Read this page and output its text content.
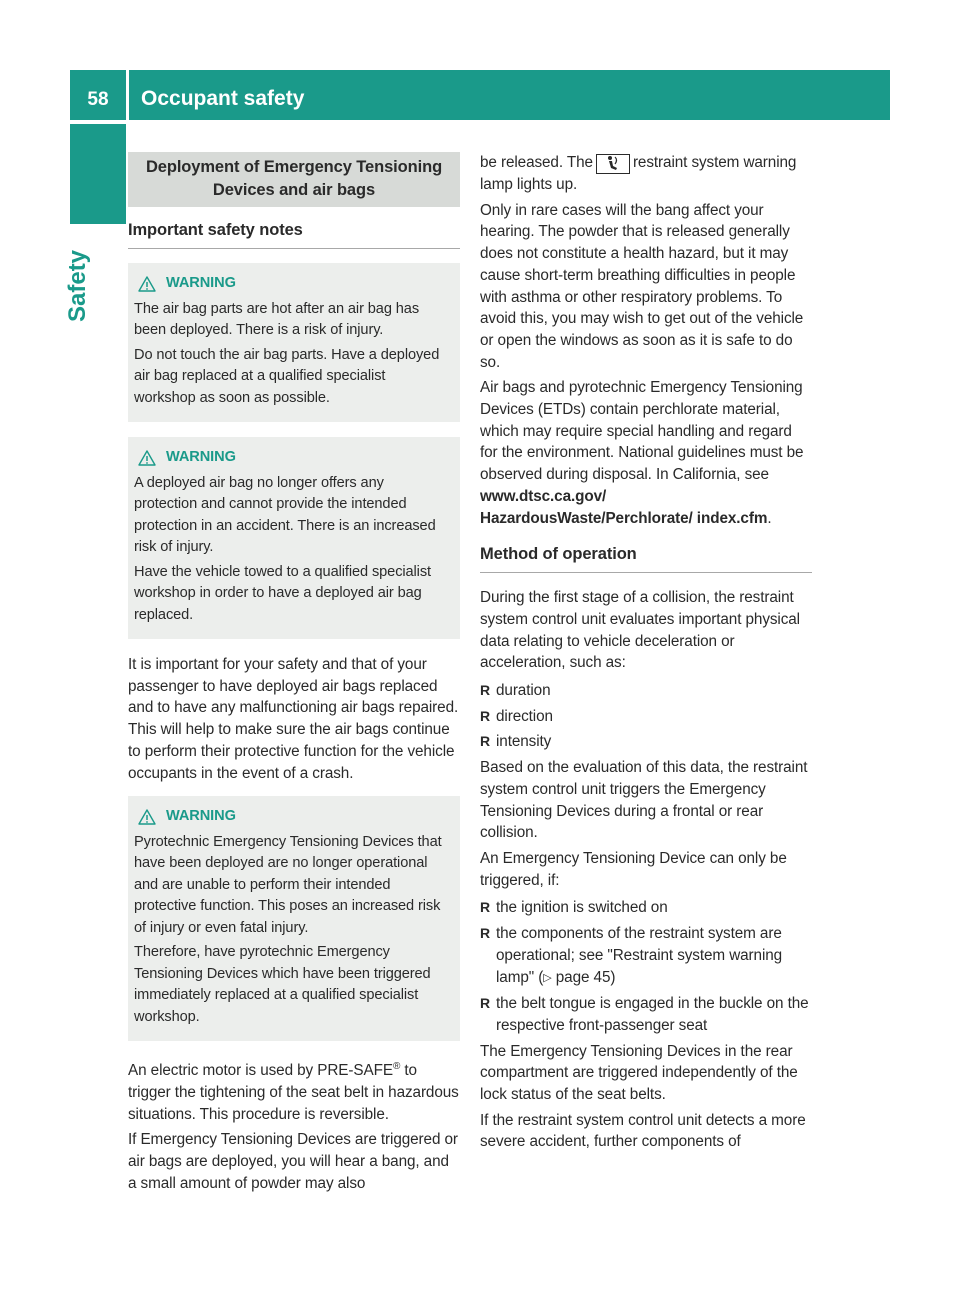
58	Occupant safety
Safety
Deployment of Emergency Tensioning Devices and air bags
Important safety notes
WARNING

The air bag parts are hot after an air bag has been deployed. There is a risk of injury.

Do not touch the air bag parts. Have a deployed air bag replaced at a qualified specialist workshop as soon as possible.

WARNING

A deployed air bag no longer offers any protection and cannot provide the intended protection in an accident. There is an increased risk of injury.

Have the vehicle towed to a qualified specialist workshop in order to have a deployed air bag replaced.

It is important for your safety and that of your passenger to have deployed air bags replaced and to have any malfunctioning air bags repaired. This will help to make sure the air bags continue to perform their protective function for the vehicle occupants in the event of a crash.

WARNING

Pyrotechnic Emergency Tensioning Devices that have been deployed are no longer operational and are unable to perform their intended protective function. This poses an increased risk of injury or even fatal injury.

Therefore, have pyrotechnic Emergency Tensioning Devices which have been triggered immediately replaced at a qualified specialist workshop.

An electric motor is used by PRE-SAFE® to trigger the tightening of the seat belt in hazardous situations. This procedure is reversible.

If Emergency Tensioning Devices are triggered or air bags are deployed, you will hear a bang, and a small amount of powder may also

be released. The	restraint system warning lamp lights up.

Only in rare cases will the bang affect your hearing. The powder that is released generally does not constitute a health hazard, but it may cause short-term breathing difficulties in people with asthma or other respiratory problems. To avoid this, you may wish to get out of the vehicle or open the windows as soon as it is safe to do so.

Air bags and pyrotechnic Emergency Tensioning Devices (ETDs) contain perchlorate material, which may require special handling and regard for the environment. National guidelines must be observed during disposal. In California, see www.dtsc.ca.gov/ HazardousWaste/Perchlorate/ index.cfm.

Method of operation

During the first stage of a collision, the restraint system control unit evaluates important physical data relating to vehicle deceleration or acceleration, such as:

R duration
R direction
R intensity

Based on the evaluation of this data, the restraint system control unit triggers the Emergency Tensioning Devices during a frontal or rear collision.

An Emergency Tensioning Device can only be triggered, if:

R the ignition is switched on
R the components of the restraint system are operational; see "Restraint system warning lamp" (▷ page 45)
R the belt tongue is engaged in the buckle on the respective front-passenger seat

The Emergency Tensioning Devices in the rear compartment are triggered independently of the lock status of the seat belts.

If the restraint system control unit detects a more severe accident, further components of
